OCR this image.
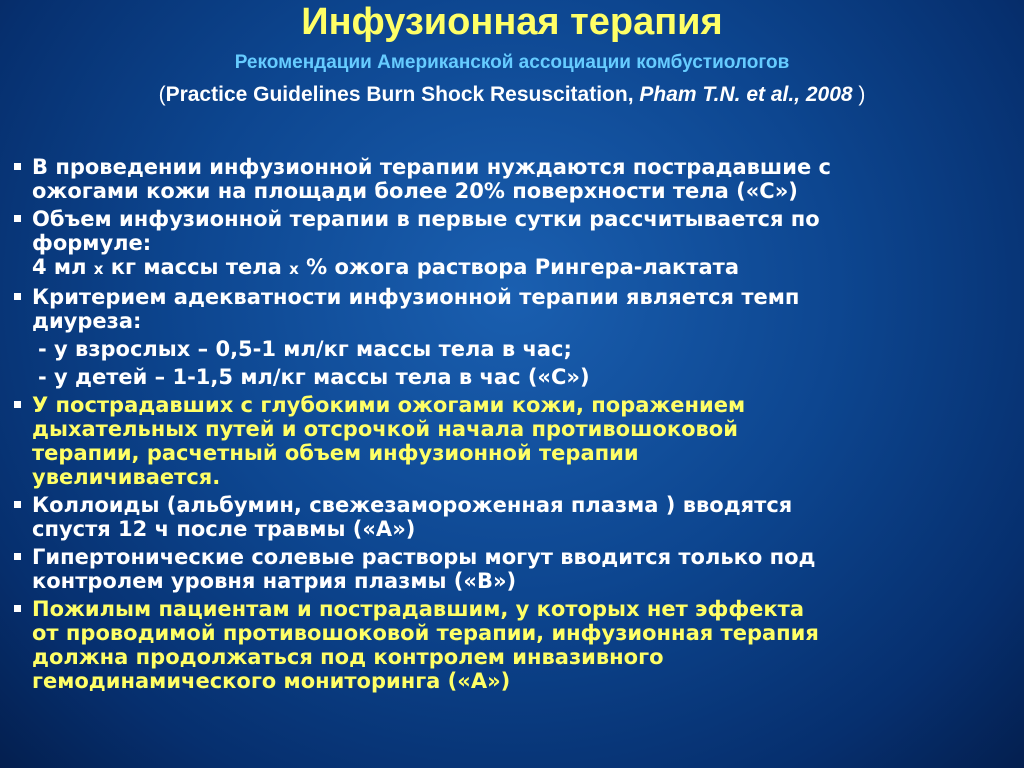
Инфузионная терапия
Рекомендации Американской ассоциации комбустиологов
(Practice Guidelines Burn Shock Resuscitation, Pham T.N. et al., 2008 )
В проведении инфузионной терапии нуждаются пострадавшие с
ожогами кожи на площади более 20% поверхности тела («С»)
Объем инфузионной терапии в первые сутки рассчитывается по
формуле:
4 мл х кг массы тела х % ожога раствора Рингера-лактата
Критерием адекватности инфузионной терапии является темп
диуреза:
- у взрослых – 0,5-1 мл/кг массы тела в час;
- у детей – 1-1,5 мл/кг массы тела в час («С»)
У пострадавших с глубокими ожогами кожи, поражением
дыхательных путей и отсрочкой начала противошоковой
терапии, расчетный объем инфузионной терапии
увеличивается.
Коллоиды (альбумин, свежезамороженная плазма ) вводятся
спустя 12 ч после травмы («А»)
Гипертонические солевые растворы могут вводится только под
контролем уровня натрия плазмы («В»)
Пожилым пациентам и пострадавшим, у которых нет эффекта
от проводимой противошоковой терапии, инфузионная терапия
должна продолжаться под контролем инвазивного
гемодинамического мониторинга («А»)
